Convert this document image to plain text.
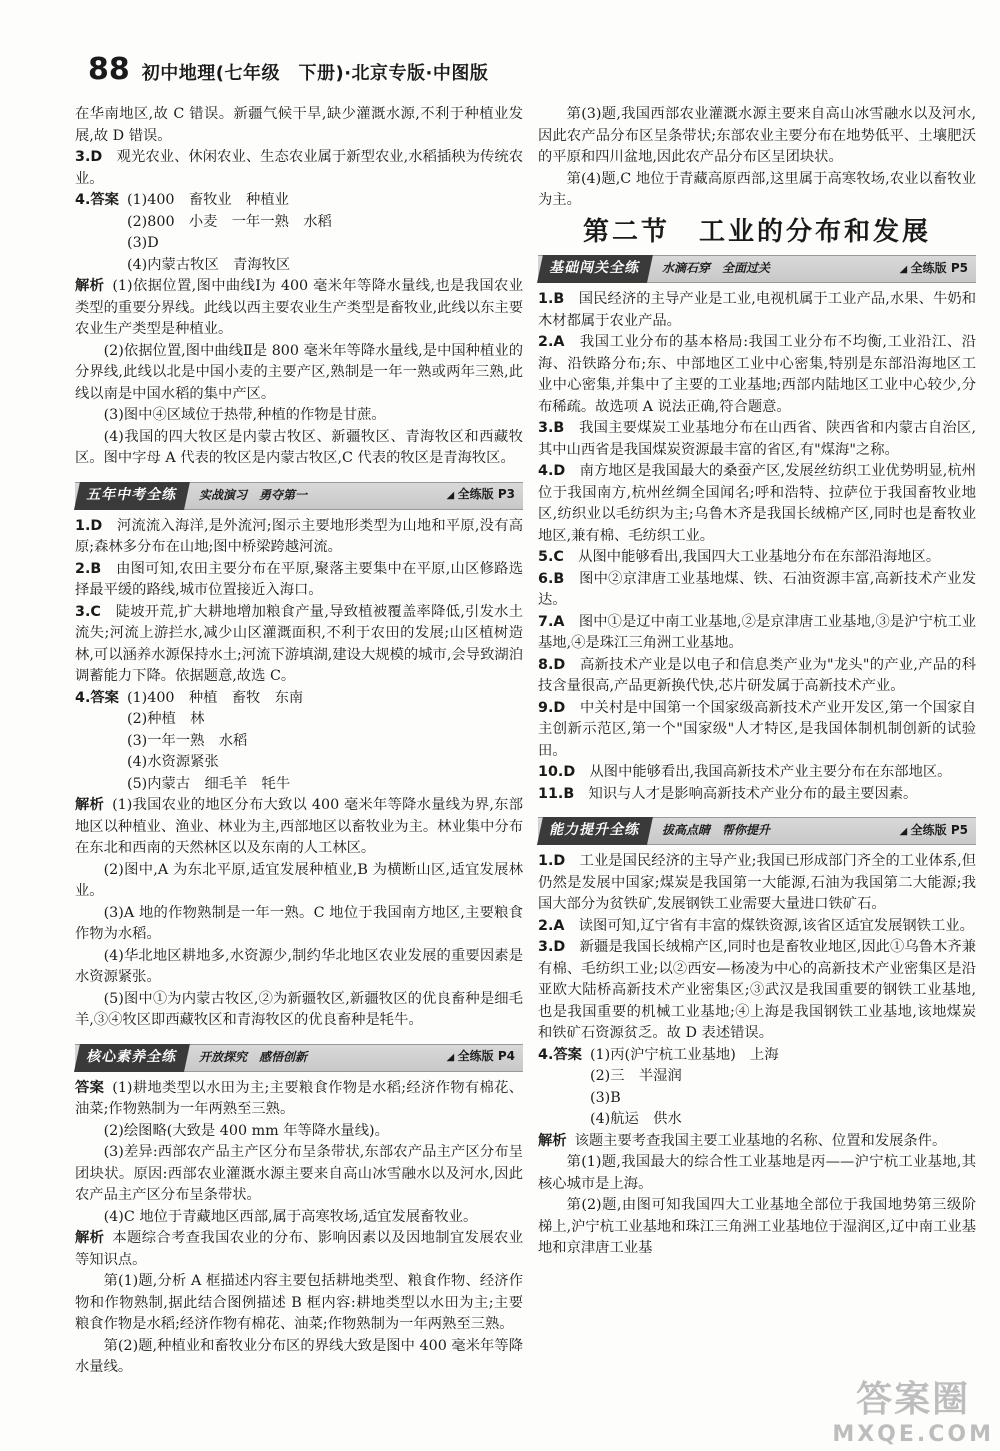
88 初中地理(七年级　下册)·北京专版·中图版

在华南地区,故 C 错误。新疆气候干旱,缺少灌溉水源,不利于种植业发展,故 D 错误。

3.D　 观光农业、休闲农业、生态农业属于新型农业,水稻插秧为传统农业。

4.答案 (1)400　畜牧业　种植业

(2)800　小麦　一年一熟　水稻

(3)D

(4)内蒙古牧区　青海牧区

解析 (1)依据位置,图中曲线Ⅰ为 400 毫米年等降水量线,也是我国农业类型的重要分界线。此线以西主要农业生产类型是畜牧业,此线以东主要农业生产类型是种植业。

(2)依据位置,图中曲线Ⅱ是 800 毫米年等降水量线,是中国种植业的分界线,此线以北是中国小麦的主要产区,熟制是一年一熟或两年三熟,此线以南是中国水稻的集中产区。

(3)图中④区域位于热带,种植的作物是甘蔗。

(4)我国的四大牧区是内蒙古牧区、新疆牧区、青海牧区和西藏牧区。图中字母 A 代表的牧区是内蒙古牧区,C 代表的牧区是青海牧区。

五年中考全练	实战演习　勇夺第一	◢ 全练版 P3

1.D　 河流流入海洋,是外流河;图示主要地形类型为山地和平原,没有高原;森林多分布在山地;图中桥梁跨越河流。

2.B　 由图可知,农田主要分布在平原,聚落主要集中在平原,山区修路选择最平缓的路线,城市位置接近入海口。

3.C　 陡坡开荒,扩大耕地增加粮食产量,导致植被覆盖率降低,引发水土流失;河流上游拦水,减少山区灌溉面积,不利于农田的发展;山区植树造林,可以涵养水源保持水土;河流下游填湖,建设大规模的城市,会导致湖泊调蓄能力下降。依据题意,故选 C。

4.答案 (1)400　种植　畜牧　东南

(2)种植　林

(3)一年一熟　水稻

(4)水资源紧张

(5)内蒙古　细毛羊　牦牛

解析 (1)我国农业的地区分布大致以 400 毫米年等降水量线为界,东部地区以种植业、渔业、林业为主,西部地区以畜牧业为主。林业集中分布在东北和西南的天然林区以及东南的人工林区。

(2)图中,A 为东北平原,适宜发展种植业,B 为横断山区,适宜发展林业。

(3)A 地的作物熟制是一年一熟。C 地位于我国南方地区,主要粮食作物为水稻。

(4)华北地区耕地多,水资源少,制约华北地区农业发展的重要因素是水资源紧张。

(5)图中①为内蒙古牧区,②为新疆牧区,新疆牧区的优良畜种是细毛羊,③④牧区即西藏牧区和青海牧区的优良畜种是牦牛。

核心素养全练	开放探究　感悟创新	◢ 全练版 P4

答案 (1)耕地类型以水田为主;主要粮食作物是水稻;经济作物有棉花、油菜;作物熟制为一年两熟至三熟。

(2)绘图略(大致是 400 mm 年等降水量线)。

(3)差异:西部农产品主产区分布呈条带状,东部农产品主产区分布呈团块状。原因:西部农业灌溉水源主要来自高山冰雪融水以及河水,因此农产品主产区分布呈条带状。

(4)C 地位于青藏地区西部,属于高寒牧场,适宜发展畜牧业。

解析 本题综合考查我国农业的分布、影响因素以及因地制宜发展农业等知识点。

第(1)题,分析 A 框描述内容主要包括耕地类型、粮食作物、经济作物和作物熟制,据此结合图例描述 B 框内容:耕地类型以水田为主;主要粮食作物是水稻;经济作物有棉花、油菜;作物熟制为一年两熟至三熟。

第(2)题,种植业和畜牧业分布区的界线大致是图中 400 毫米年等降水量线。

第(3)题,我国西部农业灌溉水源主要来自高山冰雪融水以及河水,因此农产品分布区呈条带状;东部农业主要分布在地势低平、土壤肥沃的平原和四川盆地,因此农产品分布区呈团块状。

第(4)题,C 地位于青藏高原西部,这里属于高寒牧场,农业以畜牧业为主。

第二节　工业的分布和发展
基础闯关全练	水滴石穿　全面过关	◢ 全练版 P5

1.B　 国民经济的主导产业是工业,电视机属于工业产品,水果、牛奶和木材都属于农业产品。

2.A　 我国工业分布的基本格局:我国工业分布不均衡,工业沿江、沿海、沿铁路分布;东、中部地区工业中心密集,特别是东部沿海地区工业中心密集,并集中了主要的工业基地;西部内陆地区工业中心较少,分布稀疏。故选项 A 说法正确,符合题意。

3.B　 我国主要煤炭工业基地分布在山西省、陕西省和内蒙古自治区,其中山西省是我国煤炭资源最丰富的省区,有"煤海"之称。

4.D　 南方地区是我国最大的桑蚕产区,发展丝纺织工业优势明显,杭州位于我国南方,杭州丝绸全国闻名;呼和浩特、拉萨位于我国畜牧业地区,纺织业以毛纺织为主;乌鲁木齐是我国长绒棉产区,同时也是畜牧业地区,兼有棉、毛纺织工业。

5.C　 从图中能够看出,我国四大工业基地分布在东部沿海地区。

6.B　 图中②京津唐工业基地煤、铁、石油资源丰富,高新技术产业发达。

7.A　 图中①是辽中南工业基地,②是京津唐工业基地,③是沪宁杭工业基地,④是珠江三角洲工业基地。

8.D　 高新技术产业是以电子和信息类产业为"龙头"的产业,产品的科技含量很高,产品更新换代快,芯片研发属于高新技术产业。

9.D　 中关村是中国第一个国家级高新技术产业开发区,第一个国家自主创新示范区,第一个"国家级"人才特区,是我国体制机制创新的试验田。

10.D　 从图中能够看出,我国高新技术产业主要分布在东部地区。

11.B　 知识与人才是影响高新技术产业分布的最主要因素。

能力提升全练	拔高点睛　帮你提升	◢ 全练版 P5

1.D　 工业是国民经济的主导产业;我国已形成部门齐全的工业体系,但仍然是发展中国家;煤炭是我国第一大能源,石油为我国第二大能源;我国大部分为贫铁矿,发展钢铁工业需要大量进口铁矿石。

2.A　 读图可知,辽宁省有丰富的煤铁资源,该省区适宜发展钢铁工业。

3.D　 新疆是我国长绒棉产区,同时也是畜牧业地区,因此①乌鲁木齐兼有棉、毛纺织工业;以②西安—杨凌为中心的高新技术产业密集区是沿亚欧大陆桥高新技术产业密集区;③武汉是我国重要的钢铁工业基地,也是我国重要的机械工业基地;④上海是我国钢铁工业基地,该地煤炭和铁矿石资源贫乏。故 D 表述错误。

4.答案 (1)丙(沪宁杭工业基地)　上海

(2)三　半湿润

(3)B

(4)航运　供水

解析 该题主要考查我国主要工业基地的名称、位置和发展条件。

第(1)题,我国最大的综合性工业基地是丙——沪宁杭工业基地,其核心城市是上海。

第(2)题,由图可知我国四大工业基地全部位于我国地势第三级阶梯上,沪宁杭工业基地和珠江三角洲工业基地位于湿润区,辽中南工业基地和京津唐工业基

答案圈
MXQE.COM
